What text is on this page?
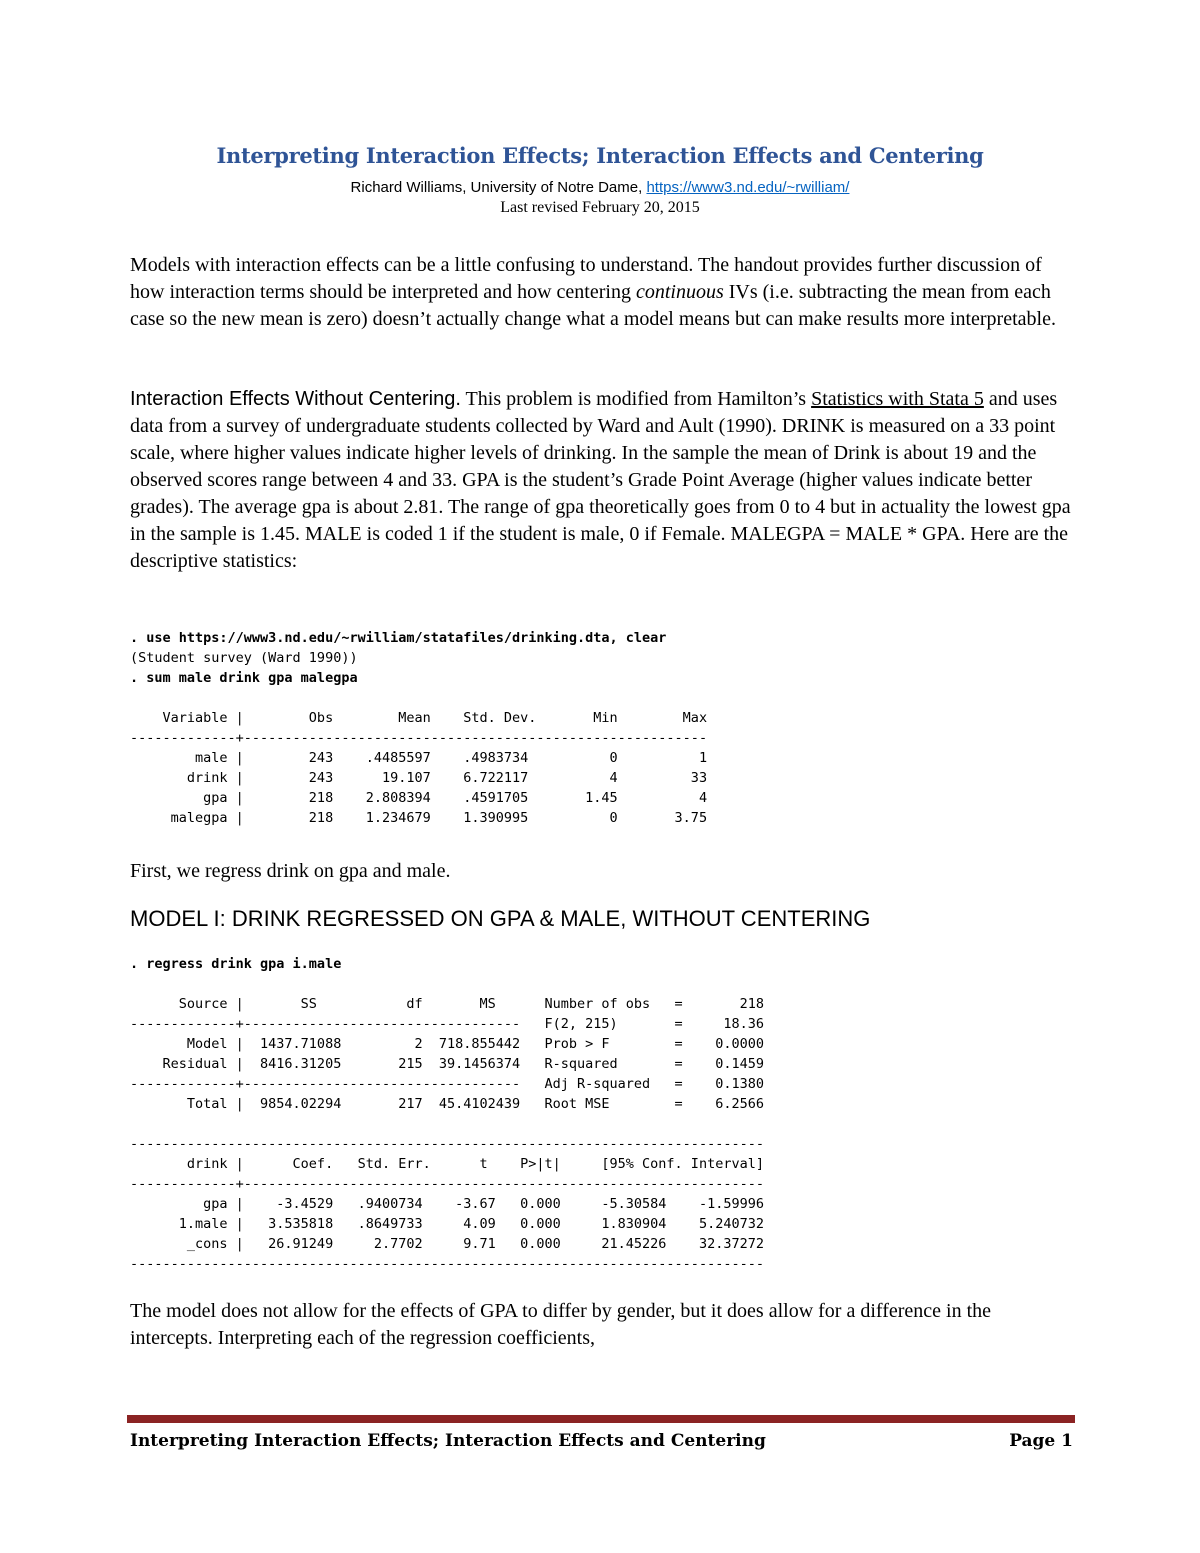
Interpreting Interaction Effects; Interaction Effects and Centering
Richard Williams, University of Notre Dame, https://www3.nd.edu/~rwilliam/
Last revised February 20, 2015
Models with interaction effects can be a little confusing to understand. The handout provides further discussion of how interaction terms should be interpreted and how centering continuous IVs (i.e. subtracting the mean from each case so the new mean is zero) doesn’t actually change what a model means but can make results more interpretable.
Interaction Effects Without Centering. This problem is modified from Hamilton’s Statistics with Stata 5 and uses data from a survey of undergraduate students collected by Ward and Ault (1990). DRINK is measured on a 33 point scale, where higher values indicate higher levels of drinking. In the sample the mean of Drink is about 19 and the observed scores range between 4 and 33. GPA is the student’s Grade Point Average (higher values indicate better grades). The average gpa is about 2.81. The range of gpa theoretically goes from 0 to 4 but in actuality the lowest gpa in the sample is 1.45. MALE is coded 1 if the student is male, 0 if Female. MALEGPA = MALE * GPA. Here are the descriptive statistics:
. use https://www3.nd.edu/~rwilliam/statafiles/drinking.dta, clear
(Student survey (Ward 1990))
. sum male drink gpa malegpa

Variable |        Obs        Mean    Std. Dev.       Min        Max
-------------+---------------------------------------------------------
male |        243    .4485597    .4983734          0          1
drink |        243      19.107    6.722117          4         33
gpa |        218    2.808394    .4591705       1.45          4
malegpa |        218    1.234679    1.390995          0       3.75
First, we regress drink on gpa and male.
MODEL I: DRINK REGRESSED ON GPA & MALE, WITHOUT CENTERING
. regress drink gpa i.male

Source |       SS           df       MS      Number of obs   =       218
-------------+----------------------------------   F(2, 215)       =     18.36
Model |  1437.71088         2  718.855442   Prob > F        =    0.0000
Residual |  8416.31205       215  39.1456374   R-squared       =    0.1459
-------------+----------------------------------   Adj R-squared   =    0.1380
Total |  9854.02294       217  45.4102439   Root MSE        =    6.2566

------------------------------------------------------------------------------
drink |      Coef.   Std. Err.      t    P>|t|     [95% Conf. Interval]
-------------+----------------------------------------------------------------
gpa |    -3.4529   .9400734    -3.67   0.000     -5.30584    -1.59996
1.male |   3.535818   .8649733     4.09   0.000     1.830904    5.240732
_cons |   26.91249     2.7702     9.71   0.000     21.45226    32.37272
------------------------------------------------------------------------------
The model does not allow for the effects of GPA to differ by gender, but it does allow for a difference in the intercepts. Interpreting each of the regression coefficients,
Interpreting Interaction Effects; Interaction Effects and Centering	Page 1
